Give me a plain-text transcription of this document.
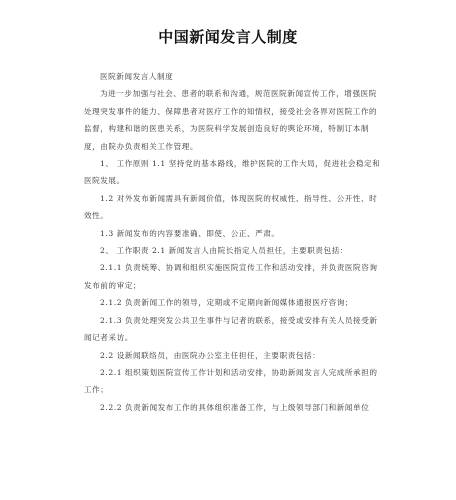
中国新闻发言人制度

医院新闻发言人制度

为进一步加强与社会、患者的联系和沟通，规范医院新闻宣传工作，增强医院处理突发事件的能力、保障患者对医疗工作的知情权，接受社会各界对医院工作的监督，构建和谐的医患关系，为医院科学发展创造良好的舆论环境，特制订本制度，由院办负责相关工作管理。

1、 工作原则 1.1 坚持党的基本路线，维护医院的工作大局，促进社会稳定和医院发展。

1.2 对外发布新闻需具有新闻价值，体现医院的权威性、指导性、公开性、时效性。

1.3 新闻发布的内容要准确、即使、公正、严肃。

2、 工作职责 2.1 新闻发言人由院长指定人员担任，主要职责包括：

2.1.1 负责统筹、协调和组织实施医院宣传工作和活动安排，并负责医院咨询发布前的审定；

2.1.2 负责新闻工作的领导，定期或不定期向新闻媒体通报医疗咨询；

2.1.3 负责处理突发公共卫生事件与记者的联系，接受或安排有关人员接受新闻记者采访。

2.2 设新闻联络员，由医院办公室主任担任，主要职责包括：

2.2.1 组织策划医院宣传工作计划和活动安排，协助新闻发言人完成所承担的工作；

2.2.2 负责新闻发布工作的具体组织准备工作，与上级领导部门和新闻单位
